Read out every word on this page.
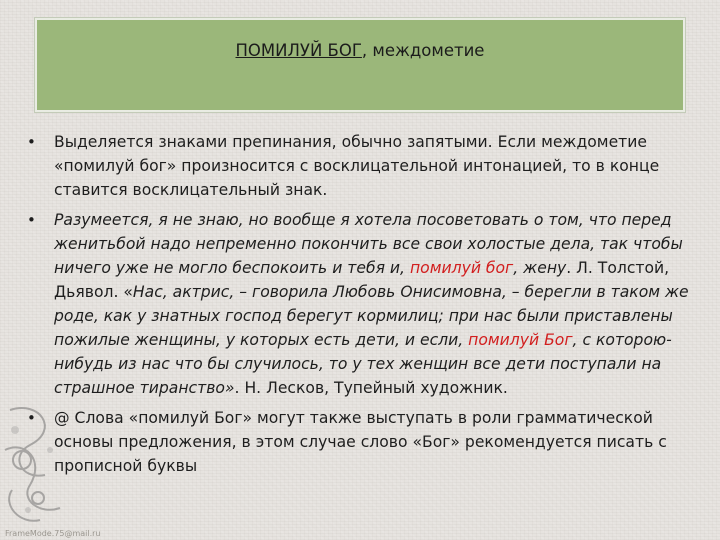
ПОМИЛУЙ БОГ, междометие
• Выделяется знаками препинания, обычно запятыми. Если междометие «помилуй бог» произносится с восклицательной интонацией, то в конце ставится восклицательный знак.
• Разумеется, я не знаю, но вообще я хотела посоветовать о том, что перед женитьбой надо непременно покончить все свои холостые дела, так чтобы ничего уже не могло беспокоить и тебя и, помилуй бог, жену. Л. Толстой, Дьявол. «Нас, актрис, – говорила Любовь Онисимовна, – берегли в таком же роде, как у знатных господ берегут кормилиц; при нас были приставлены пожилые женщины, у которых есть дети, и если, помилуй Бог, с которою-нибудь из нас что бы случилось, то у тех женщин все дети поступали на страшное тиранство». Н. Лесков, Тупейный художник.
• @ Слова «помилуй Бог» могут также выступать в роли грамматической основы предложения, в этом случае слово «Бог» рекомендуется писать с прописной буквы
FrameMode.75@mail.ru
